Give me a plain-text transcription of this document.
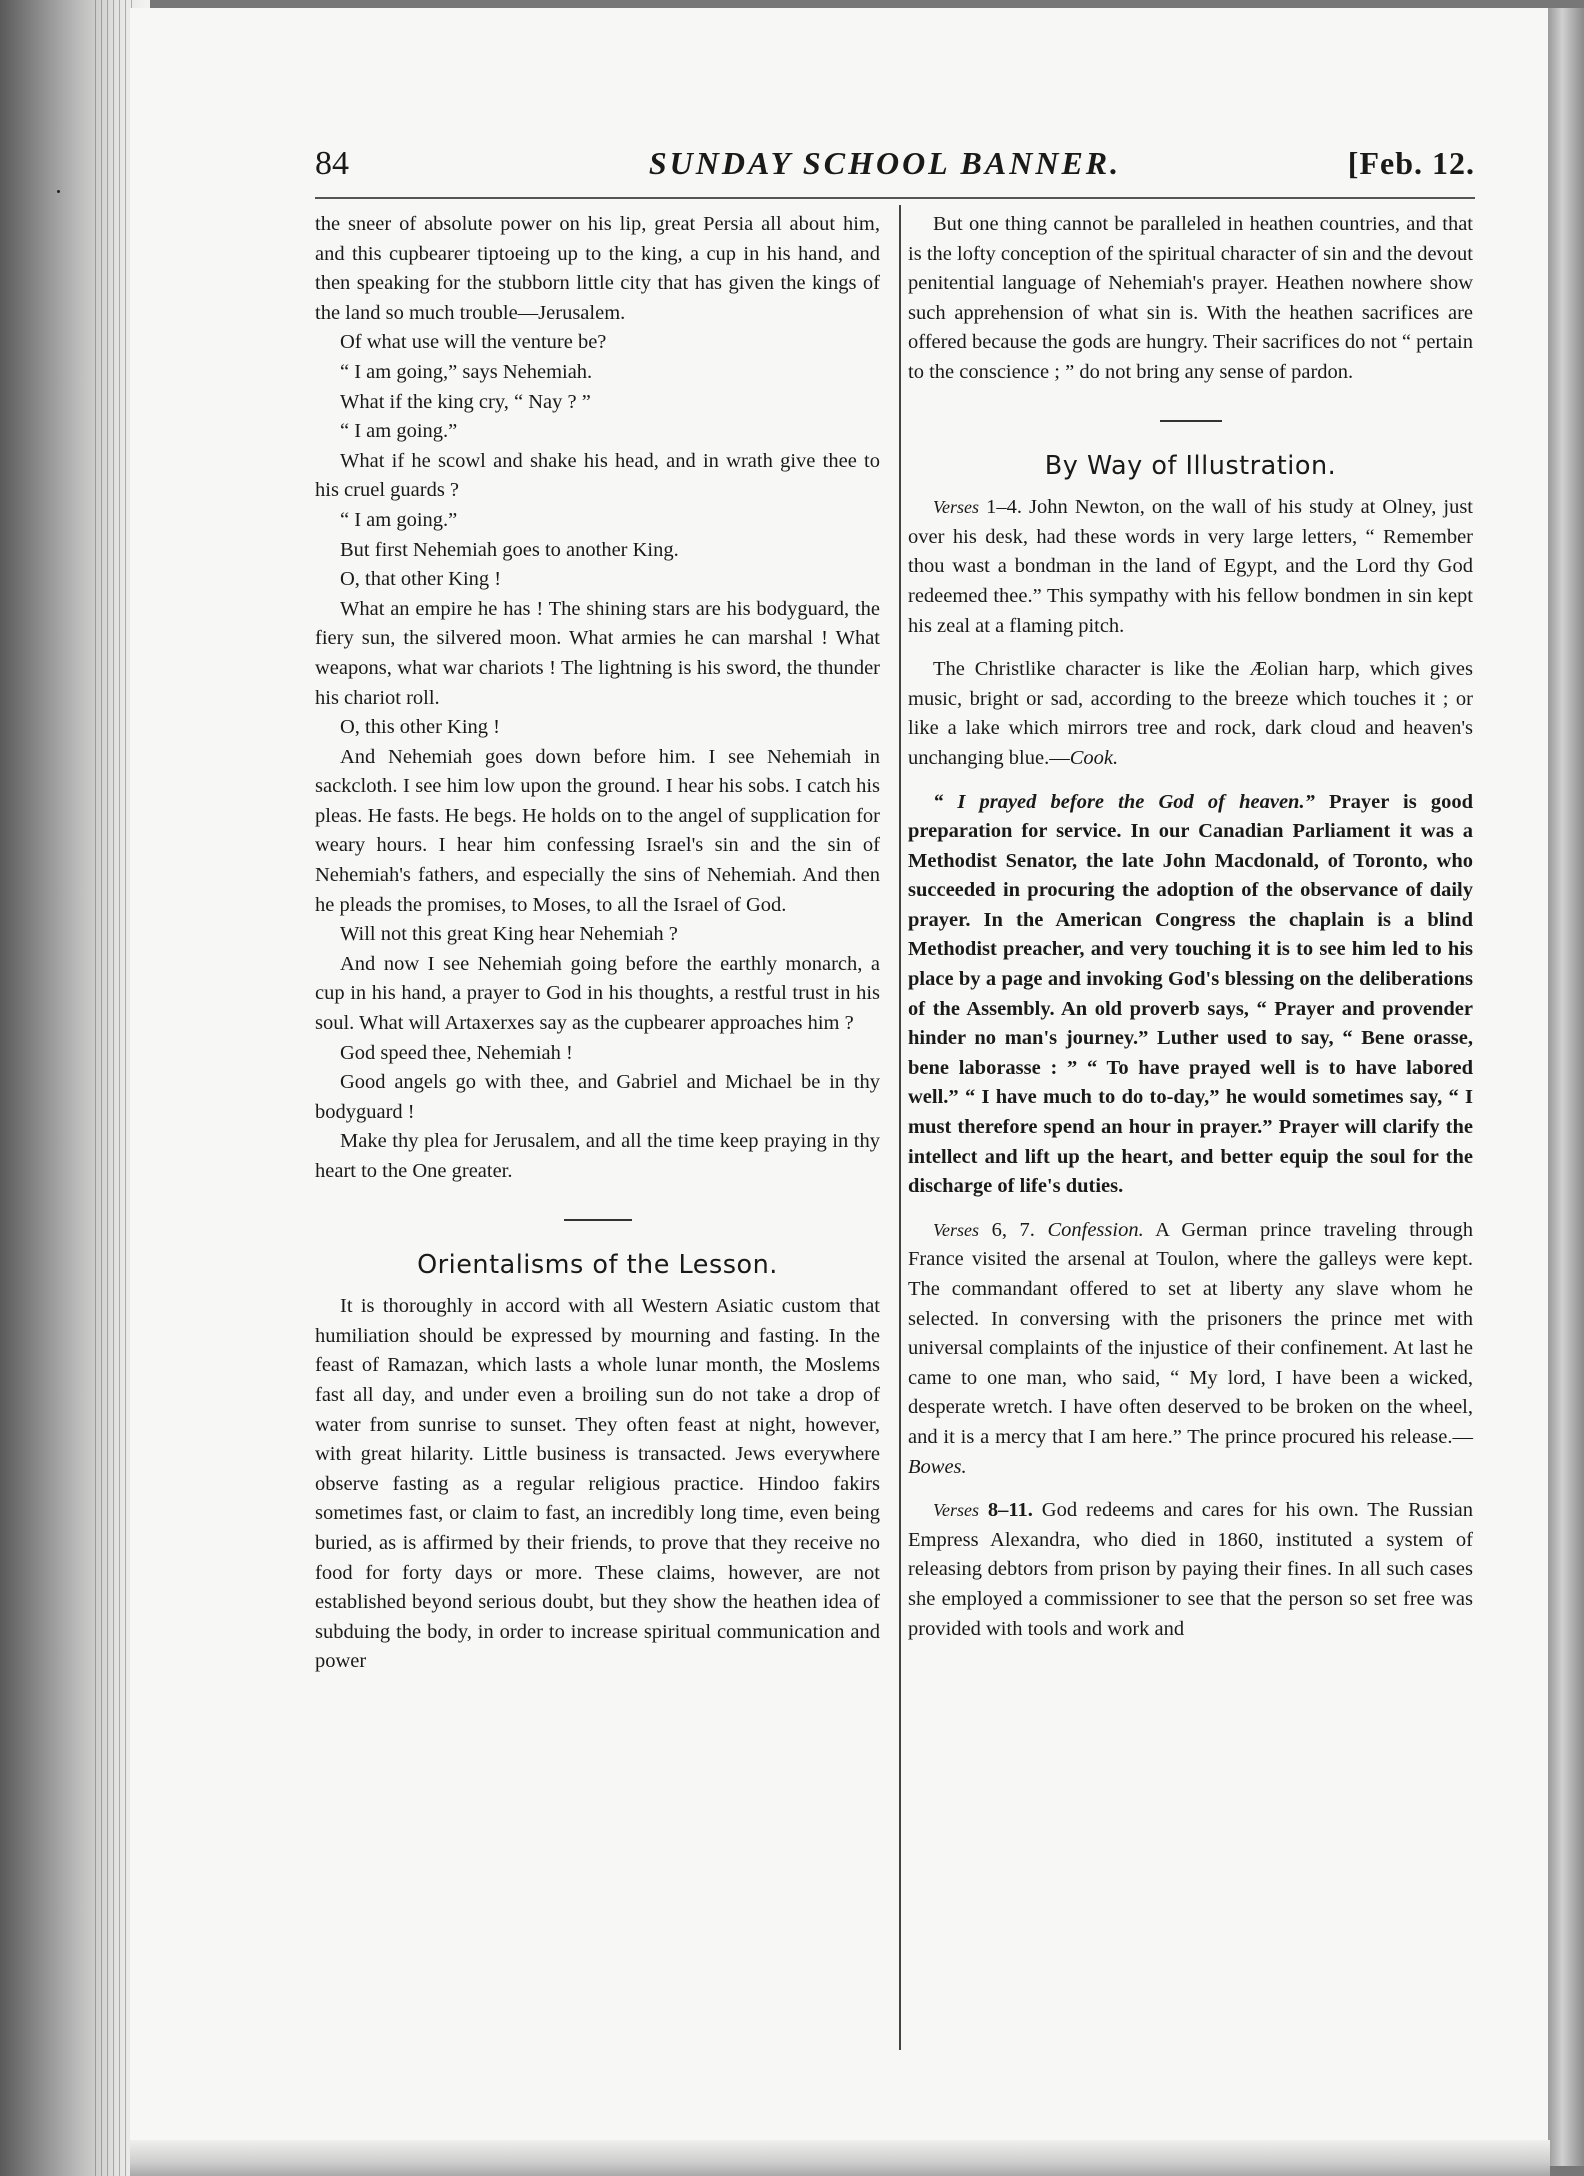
84	SUNDAY SCHOOL BANNER.	[Feb. 12.

the sneer of absolute power on his lip, great Persia all about him, and this cupbearer tiptoeing up to the king, a cup in his hand, and then speaking for the stubborn little city that has given the kings of the land so much trouble—Jerusalem.

Of what use will the venture be?

“ I am going,” says Nehemiah.

What if the king cry, “ Nay ? ”

“ I am going.”

What if he scowl and shake his head, and in wrath give thee to his cruel guards ?

“ I am going.”

But first Nehemiah goes to another King.

O, that other King !

What an empire he has ! The shining stars are his bodyguard, the fiery sun, the silvered moon. What armies he can marshal ! What weapons, what war chariots ! The lightning is his sword, the thunder his chariot roll.

O, this other King !

And Nehemiah goes down before him. I see Nehemiah in sackcloth. I see him low upon the ground. I hear his sobs. I catch his pleas. He fasts. He begs. He holds on to the angel of supplication for weary hours. I hear him confessing Israel's sin and the sin of Nehemiah's fathers, and especially the sins of Nehemiah. And then he pleads the promises, to Moses, to all the Israel of God.

Will not this great King hear Nehemiah ?

And now I see Nehemiah going before the earthly monarch, a cup in his hand, a prayer to God in his thoughts, a restful trust in his soul. What will Artaxerxes say as the cupbearer approaches him ?

God speed thee, Nehemiah !

Good angels go with thee, and Gabriel and Michael be in thy bodyguard !

Make thy plea for Jerusalem, and all the time keep praying in thy heart to the One greater.

Orientalisms of the Lesson.

It is thoroughly in accord with all Western Asiatic custom that humiliation should be expressed by mourning and fasting. In the feast of Ramazan, which lasts a whole lunar month, the Moslems fast all day, and under even a broiling sun do not take a drop of water from sunrise to sunset. They often feast at night, however, with great hilarity. Little business is transacted. Jews everywhere observe fasting as a regular religious practice. Hindoo fakirs sometimes fast, or claim to fast, an incredibly long time, even being buried, as is affirmed by their friends, to prove that they receive no food for forty days or more. These claims, however, are not established beyond serious doubt, but they show the heathen idea of subduing the body, in order to increase spiritual communication and power

But one thing cannot be paralleled in heathen countries, and that is the lofty conception of the spiritual character of sin and the devout penitential language of Nehemiah's prayer. Heathen nowhere show such apprehension of what sin is. With the heathen sacrifices are offered because the gods are hungry. Their sacrifices do not “ pertain to the conscience ; ” do not bring any sense of pardon.

By Way of Illustration.

Verses 1–4. John Newton, on the wall of his study at Olney, just over his desk, had these words in very large letters, “ Remember thou wast a bondman in the land of Egypt, and the Lord thy God redeemed thee.” This sympathy with his fellow bondmen in sin kept his zeal at a flaming pitch.

The Christlike character is like the Æolian harp, which gives music, bright or sad, according to the breeze which touches it ; or like a lake which mirrors tree and rock, dark cloud and heaven's unchanging blue.—Cook.

“ I prayed before the God of heaven.” Prayer is good preparation for service. In our Canadian Parliament it was a Methodist Senator, the late John Macdonald, of Toronto, who succeeded in procuring the adoption of the observance of daily prayer. In the American Congress the chaplain is a blind Methodist preacher, and very touching it is to see him led to his place by a page and invoking God's blessing on the deliberations of the Assembly. An old proverb says, “ Prayer and provender hinder no man's journey.” Luther used to say, “ Bene orasse, bene laborasse : ” “ To have prayed well is to have labored well.” “ I have much to do to-day,” he would sometimes say, “ I must therefore spend an hour in prayer.” Prayer will clarify the intellect and lift up the heart, and better equip the soul for the discharge of life's duties.

Verses 6, 7. Confession. A German prince traveling through France visited the arsenal at Toulon, where the galleys were kept. The commandant offered to set at liberty any slave whom he selected. In conversing with the prisoners the prince met with universal complaints of the injustice of their confinement. At last he came to one man, who said, “ My lord, I have been a wicked, desperate wretch. I have often deserved to be broken on the wheel, and it is a mercy that I am here.” The prince procured his release.—Bowes.

Verses 8–11. God redeems and cares for his own. The Russian Empress Alexandra, who died in 1860, instituted a system of releasing debtors from prison by paying their fines. In all such cases she employed a commissioner to see that the person so set free was provided with tools and work and
